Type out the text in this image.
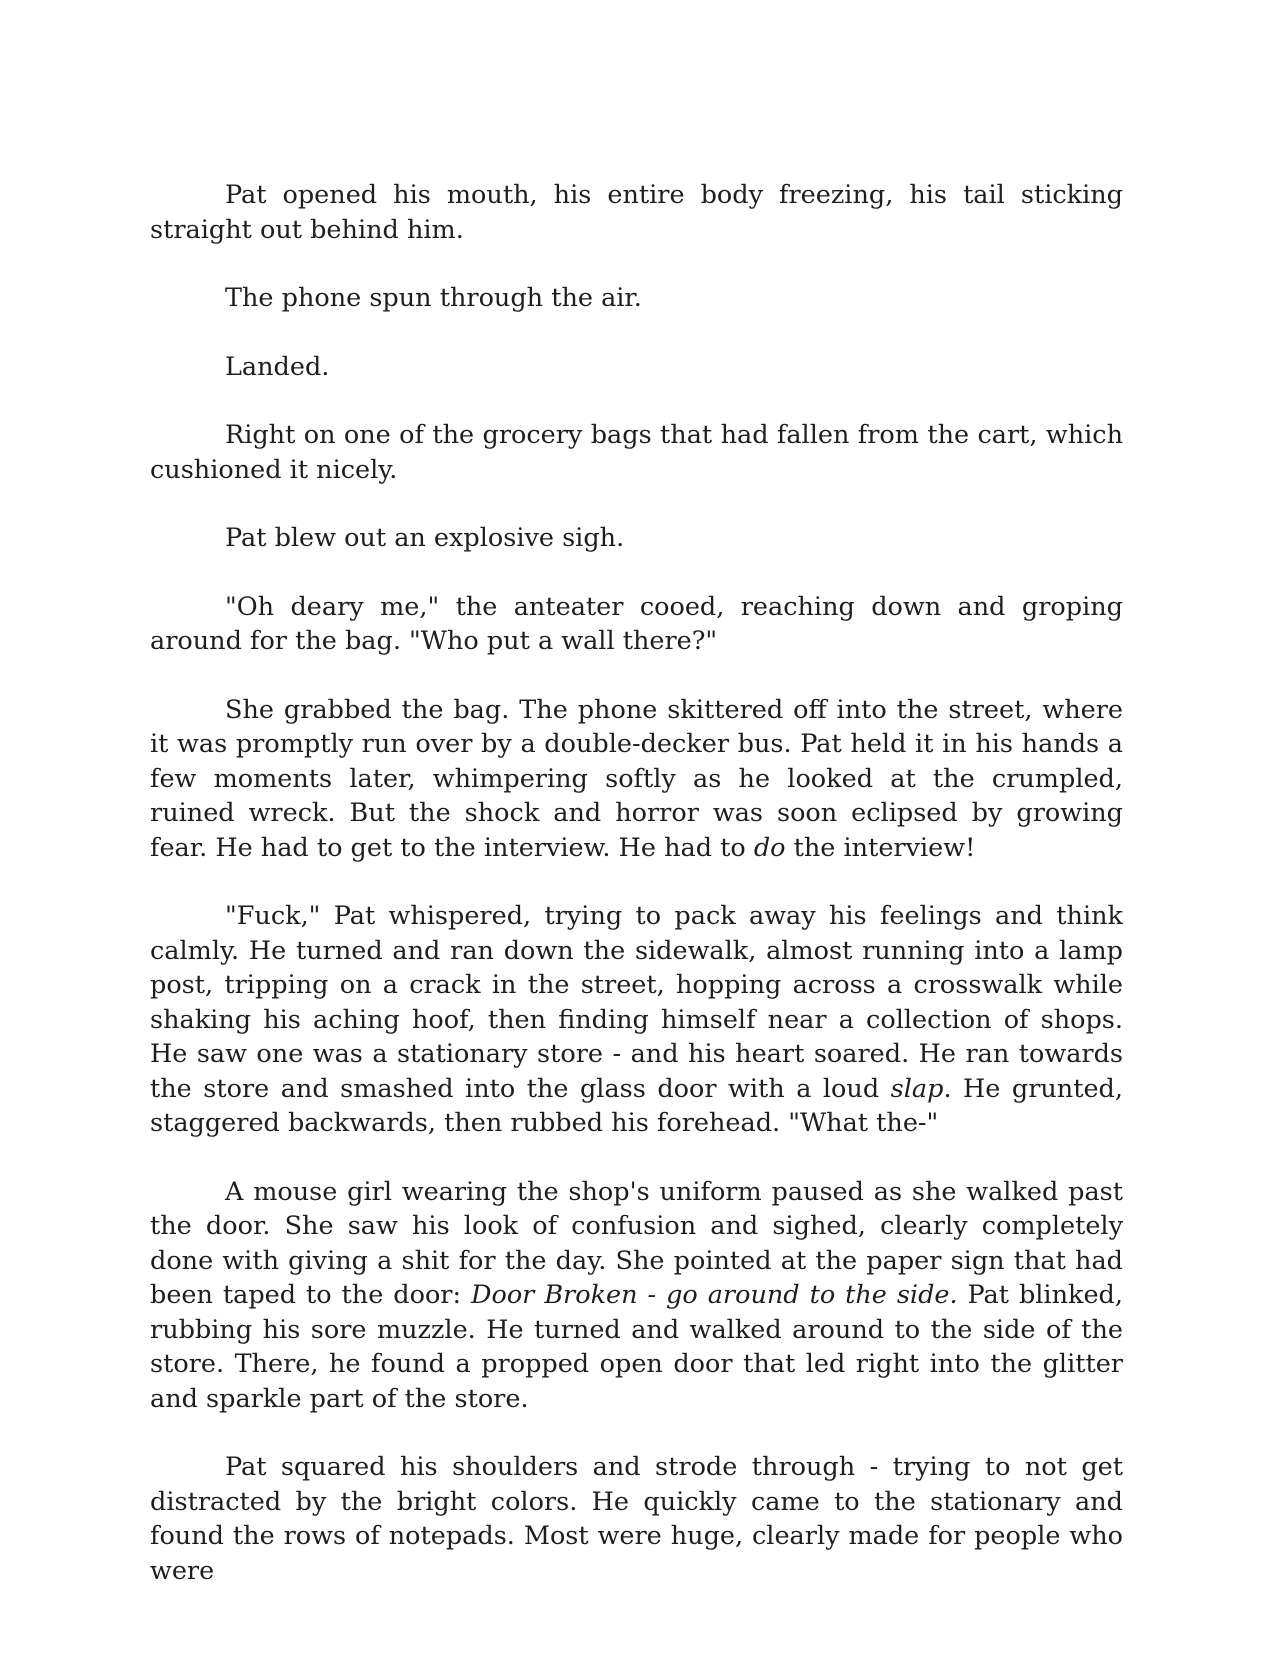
Pat opened his mouth, his entire body freezing, his tail sticking straight out behind him.

The phone spun through the air.

Landed.

Right on one of the grocery bags that had fallen from the cart, which cushioned it nicely.

Pat blew out an explosive sigh.

"Oh deary me," the anteater cooed, reaching down and groping around for the bag. "Who put a wall there?"

She grabbed the bag. The phone skittered off into the street, where it was promptly run over by a double-decker bus. Pat held it in his hands a few moments later, whimpering softly as he looked at the crumpled, ruined wreck. But the shock and horror was soon eclipsed by growing fear. He had to get to the interview. He had to do the interview!

"Fuck," Pat whispered, trying to pack away his feelings and think calmly. He turned and ran down the sidewalk, almost running into a lamp post, tripping on a crack in the street, hopping across a crosswalk while shaking his aching hoof, then finding himself near a collection of shops. He saw one was a stationary store - and his heart soared. He ran towards the store and smashed into the glass door with a loud slap. He grunted, staggered backwards, then rubbed his forehead. "What the-"

A mouse girl wearing the shop's uniform paused as she walked past the door. She saw his look of confusion and sighed, clearly completely done with giving a shit for the day. She pointed at the paper sign that had been taped to the door: Door Broken - go around to the side. Pat blinked, rubbing his sore muzzle. He turned and walked around to the side of the store. There, he found a propped open door that led right into the glitter and sparkle part of the store.

Pat squared his shoulders and strode through - trying to not get distracted by the bright colors. He quickly came to the stationary and found the rows of notepads. Most were huge, clearly made for people who were
